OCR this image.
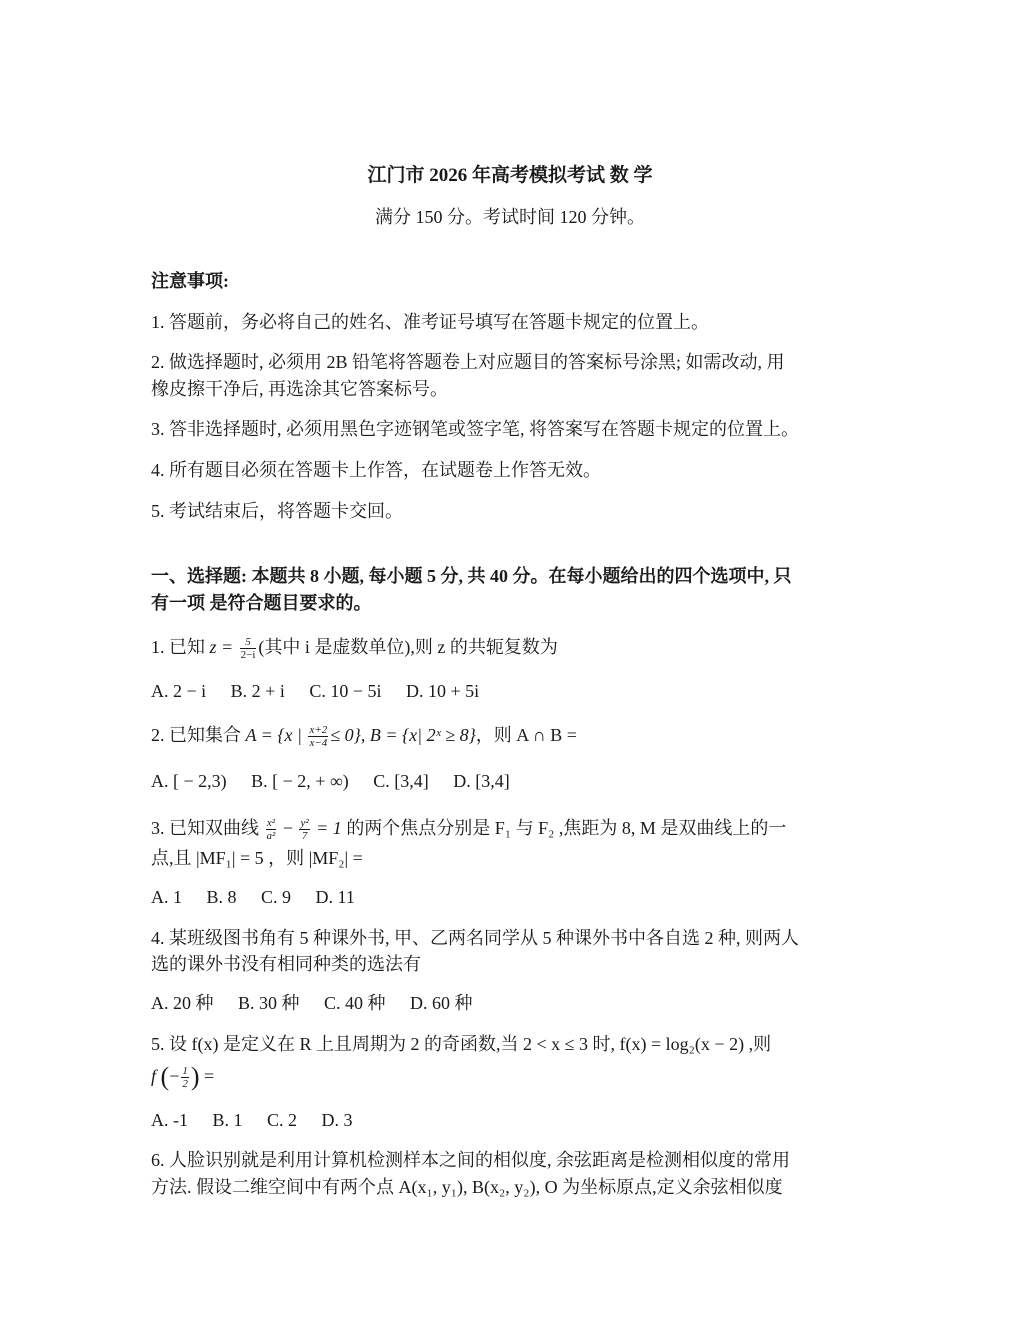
江门市 2026 年高考模拟考试 数 学
满分 150 分。考试时间 120 分钟。
注意事项:
1. 答题前，务必将自己的姓名、准考证号填写在答题卡规定的位置上。
2. 做选择题时, 必须用 2B 铅笔将答题卷上对应题目的答案标号涂黑; 如需改动, 用
橡皮擦干净后, 再选涂其它答案标号。
3. 答非选择题时, 必须用黑色字迹钢笔或签字笔, 将答案写在答题卡规定的位置上。
4. 所有题目必须在答题卡上作答，在试题卷上作答无效。
5. 考试结束后，将答题卡交回。
一、选择题: 本题共 8 小题, 每小题 5 分, 共 40 分。在每小题给出的四个选项中, 只
有一项 是符合题目要求的。
1. 已知 $z = \frac{5}{2-i}$ (其中 i 是虚数单位),则 z 的共轭复数为
A. 2 − i B. 2 + i C. 10 − 5i D. 10 + 5i
2. 已知集合 A = {x | $\frac{x+2}{x-4} \le 0$}, B = {x| 2ˣ ≥ 8}，则 A ∩ B =
A. [ − 2,3) B. [ − 2, + ∞) C. [3,4] D. [3,4]
3. 已知双曲线 $\frac{\text{x²}}{\text{a²}} - \frac{\text{y²}}{7} = 1$ 的两个焦点分别是 F₁ 与 F₂ ,焦距为 8, M 是双曲线上的一
点,且 |MF₁| = 5 ，则 |MF₂| =
A. 1 B. 8 C. 9 D. 11
4. 某班级图书角有 5 种课外书, 甲、乙两名同学从 5 种课外书中各自选 2 种, 则两人
选的课外书没有相同种类的选法有
A. 20 种 B. 30 种 C. 40 种 D. 60 种
5. 设 f(x) 是定义在 R 上且周期为 2 的奇函数,当 2 < x ≤ 3 时, f(x) = log₂(x − 2) ,则
f (− $\frac{1}{2}$ ) =
A. -1 B. 1 C. 2 D. 3
6. 人脸识别就是利用计算机检测样本之间的相似度, 余弦距离是检测相似度的常用
方法. 假设二维空间中有两个点 A(x₁, y₁), B(x₂, y₂), O 为坐标原点,定义余弦相似度
